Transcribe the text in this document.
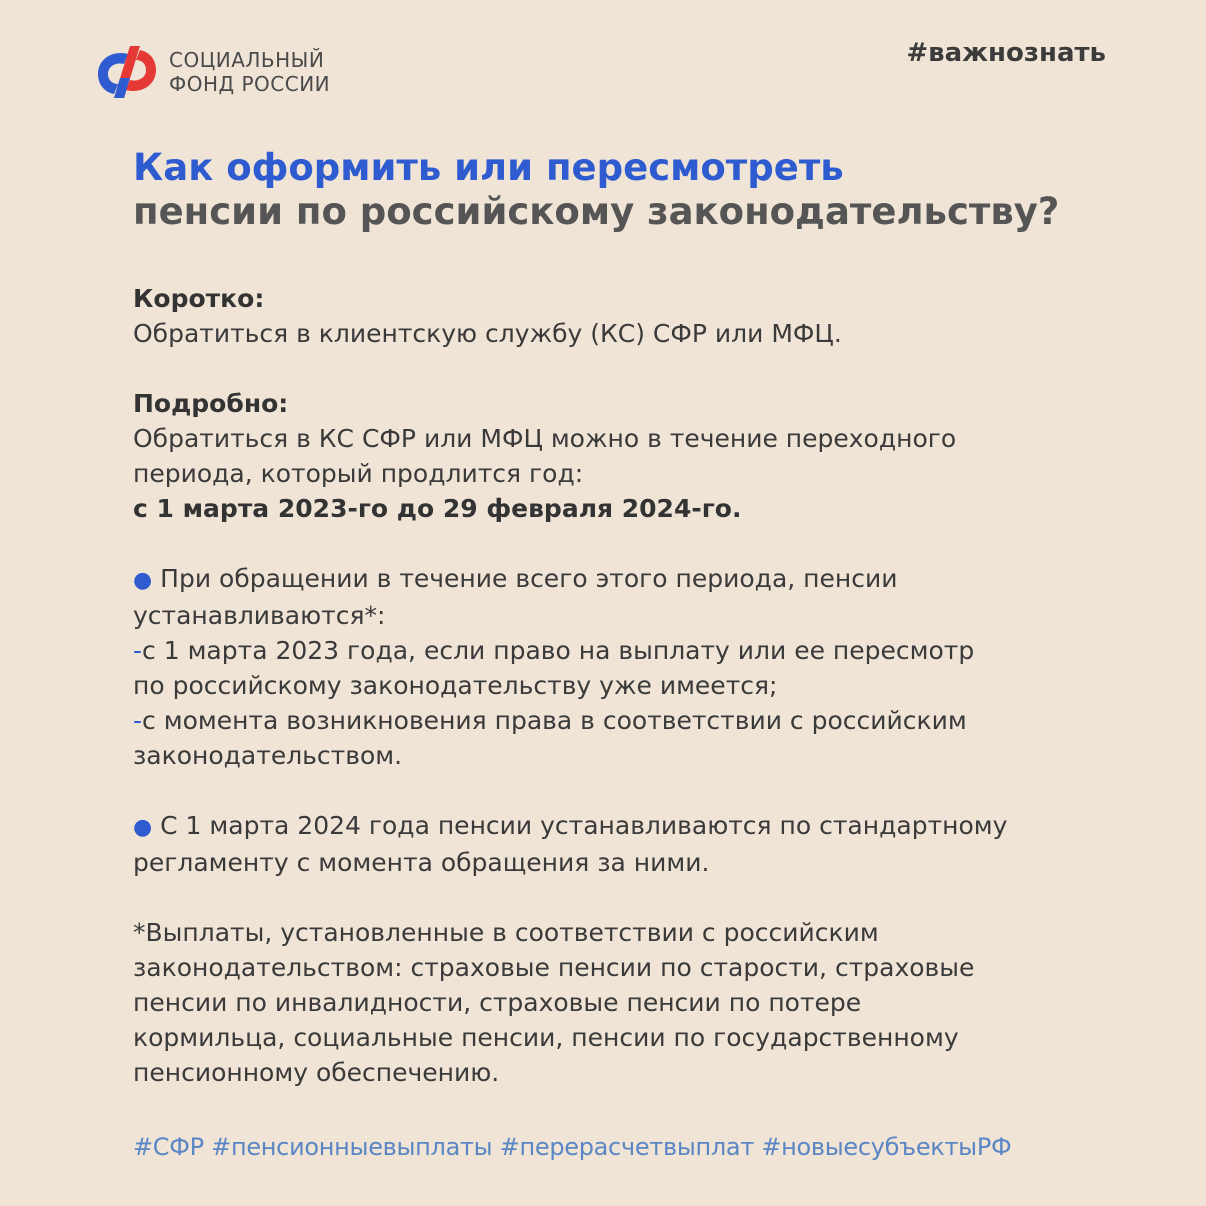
СОЦИАЛЬНЫЙ
ФОНД РОССИИ
#важнознать
Как оформить или пересмотреть
пенсии по российскому законодательству?

Коротко:

Обратиться в клиентскую службу (КС) СФР или МФЦ.

Подробно:

Обратиться в КС СФР или МФЦ можно в течение переходного

периода, который продлится год:

с 1 марта 2023-го до 29 февраля 2024-го.

● При обращении в течение всего этого периода, пенсии

устанавливаются*:

-с 1 марта 2023 года, если право на выплату или ее пересмотр

по российскому законодательству уже имеется;

-с момента возникновения права в соответствии с российским

законодательством.

● С 1 марта 2024 года пенсии устанавливаются по стандартному

регламенту с момента обращения за ними.

*Выплаты, установленные в соответствии с российским

законодательством: страховые пенсии по старости, страховые

пенсии по инвалидности, страховые пенсии по потере

кормильца, социальные пенсии, пенсии по государственному

пенсионному обеспечению.

#СФР #пенсионныевыплаты #перерасчетвыплат #новыесубъектыРФ
